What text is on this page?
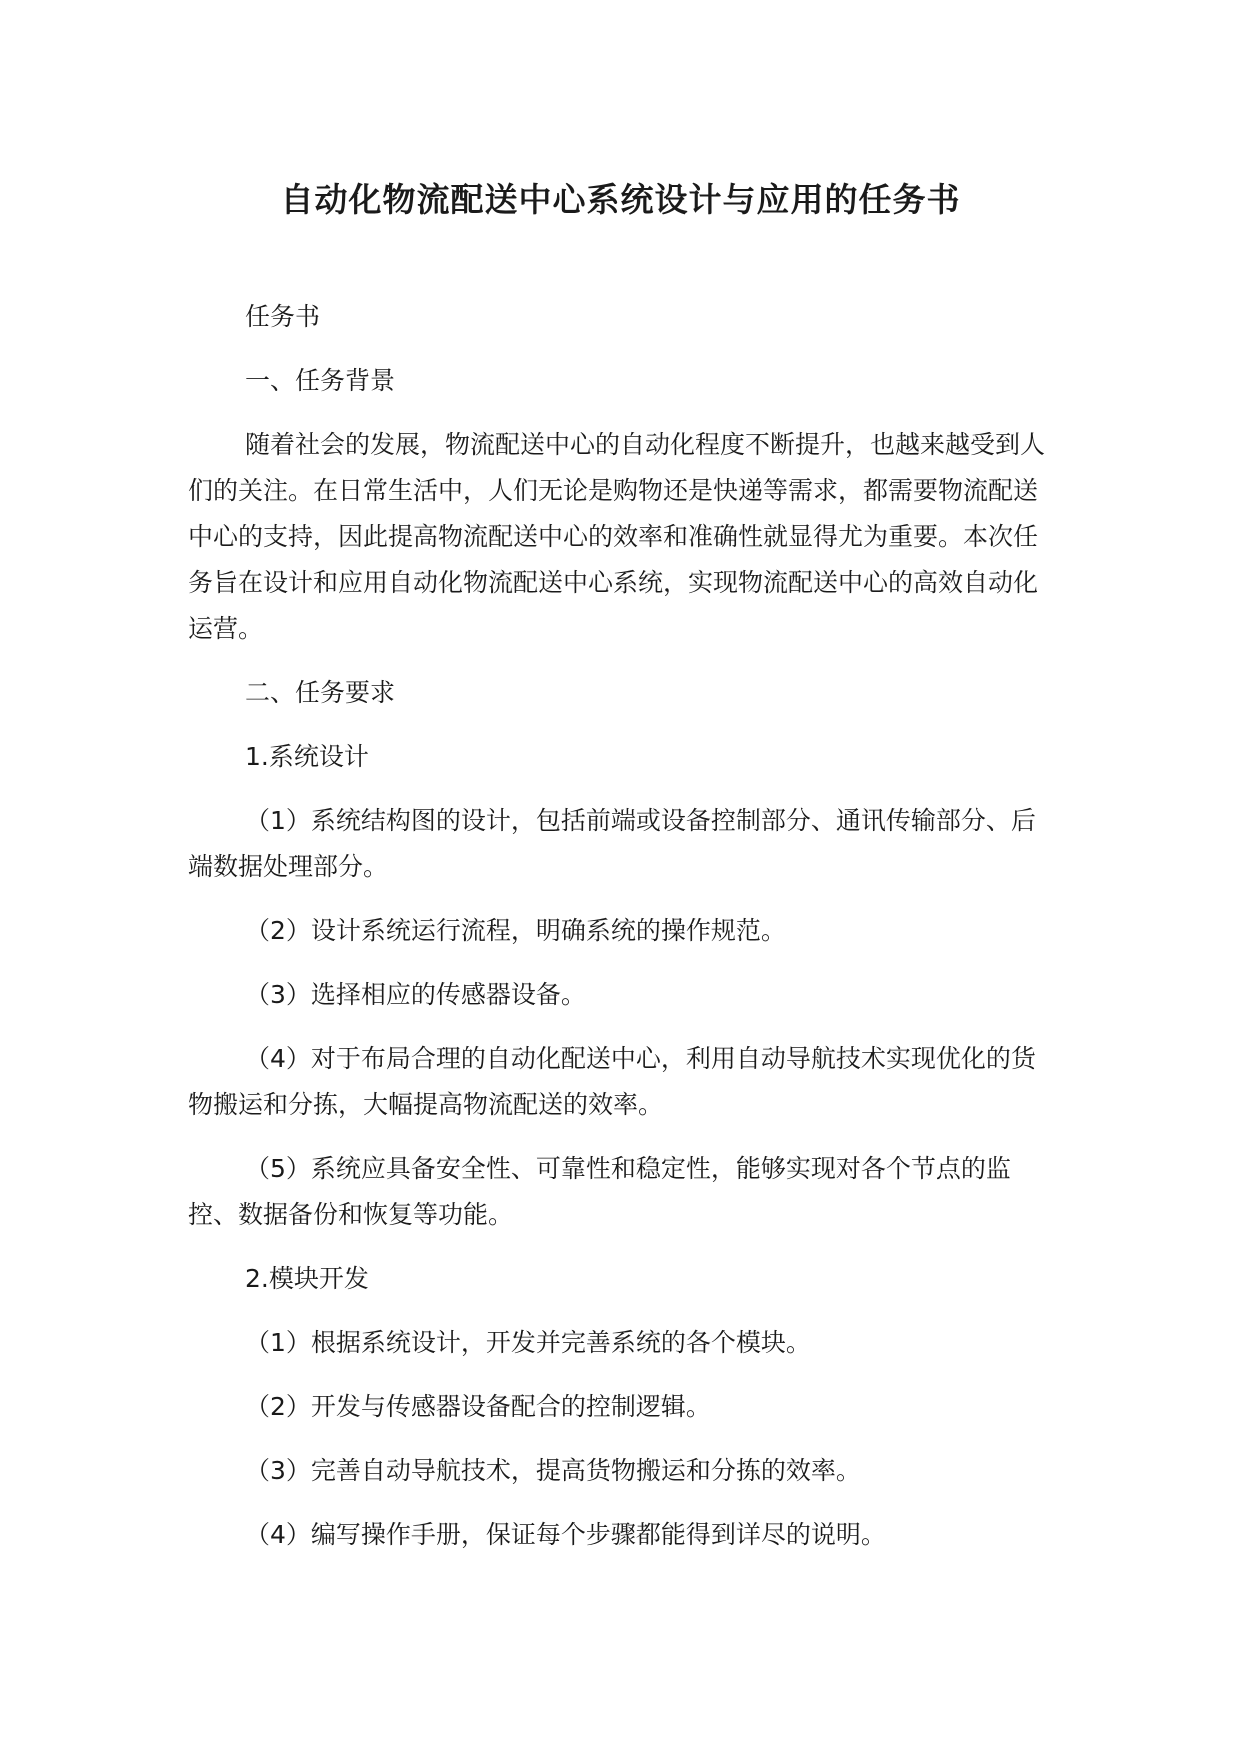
自动化物流配送中心系统设计与应用的任务书

任务书

一、任务背景

随着社会的发展，物流配送中心的自动化程度不断提升，也越来越受到人们的关注。在日常生活中，人们无论是购物还是快递等需求，都需要物流配送中心的支持，因此提高物流配送中心的效率和准确性就显得尤为重要。本次任务旨在设计和应用自动化物流配送中心系统，实现物流配送中心的高效自动化运营。

二、任务要求

1.系统设计

（1）系统结构图的设计，包括前端或设备控制部分、通讯传输部分、后端数据处理部分。

（2）设计系统运行流程，明确系统的操作规范。

（3）选择相应的传感器设备。

（4）对于布局合理的自动化配送中心，利用自动导航技术实现优化的货物搬运和分拣，大幅提高物流配送的效率。

（5）系统应具备安全性、可靠性和稳定性，能够实现对各个节点的监控、数据备份和恢复等功能。

2.模块开发

（1）根据系统设计，开发并完善系统的各个模块。

（2）开发与传感器设备配合的控制逻辑。

（3）完善自动导航技术，提高货物搬运和分拣的效率。

（4）编写操作手册，保证每个步骤都能得到详尽的说明。
